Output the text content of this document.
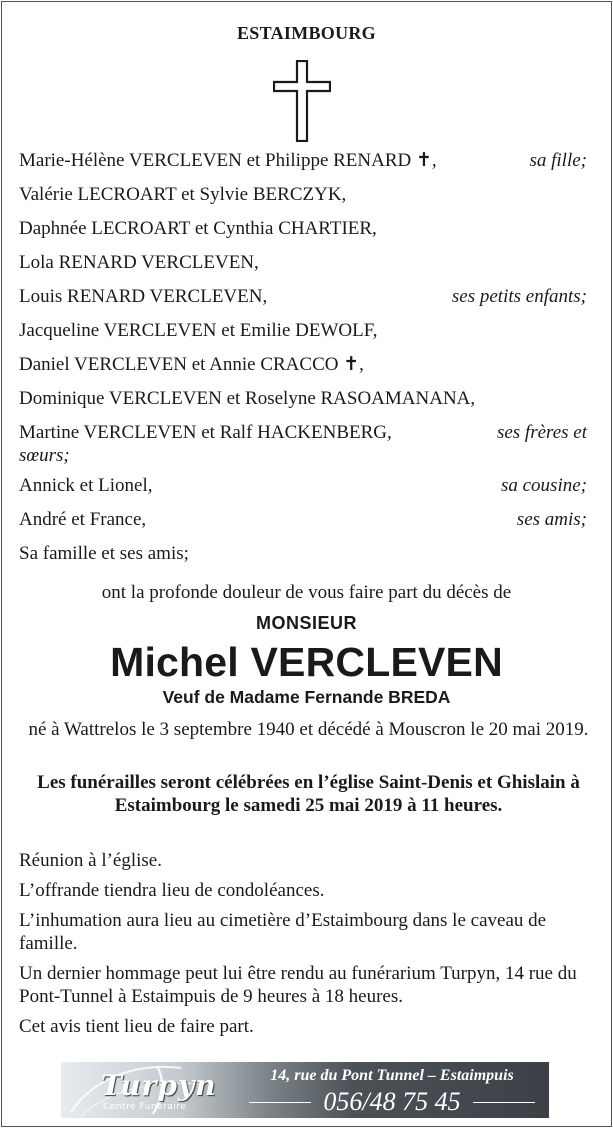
ESTAIMBOURG
Marie-Hélène VERCLEVEN et Philippe RENARD ✝,	sa fille;
Valérie LECROART et Sylvie BERCZYK,
Daphnée LECROART et Cynthia CHARTIER,
Lola RENARD VERCLEVEN,
Louis RENARD VERCLEVEN,	ses petits enfants;
Jacqueline VERCLEVEN et Emilie DEWOLF,
Daniel VERCLEVEN et Annie CRACCO ✝,
Dominique VERCLEVEN et Roselyne RASOAMANANA,
Martine VERCLEVEN et Ralf HACKENBERG,	ses frères et
sœurs;
Annick et Lionel,	sa cousine;
André et France,	ses amis;
Sa famille et ses amis;
ont la profonde douleur de vous faire part du décès de
MONSIEUR
Michel VERCLEVEN
Veuf de Madame Fernande BREDA
né à Wattrelos le 3 septembre 1940 et décédé à Mouscron le 20 mai 2019.
Les funérailles seront célébrées en l’église Saint-Denis et Ghislain à Estaimbourg le samedi 25 mai 2019 à 11 heures.
Réunion à l’église.
L’offrande tiendra lieu de condoléances.
L’inhumation aura lieu au cimetière d’Estaimbourg dans le caveau de famille.
Un dernier hommage peut lui être rendu au funérarium Turpyn, 14 rue du Pont-Tunnel à Estaimpuis de 9 heures à 18 heures.
Cet avis tient lieu de faire part.
Turpyn
Centre Funéraire
14, rue du Pont Tunnel – Estaimpuis
056/48 75 45
